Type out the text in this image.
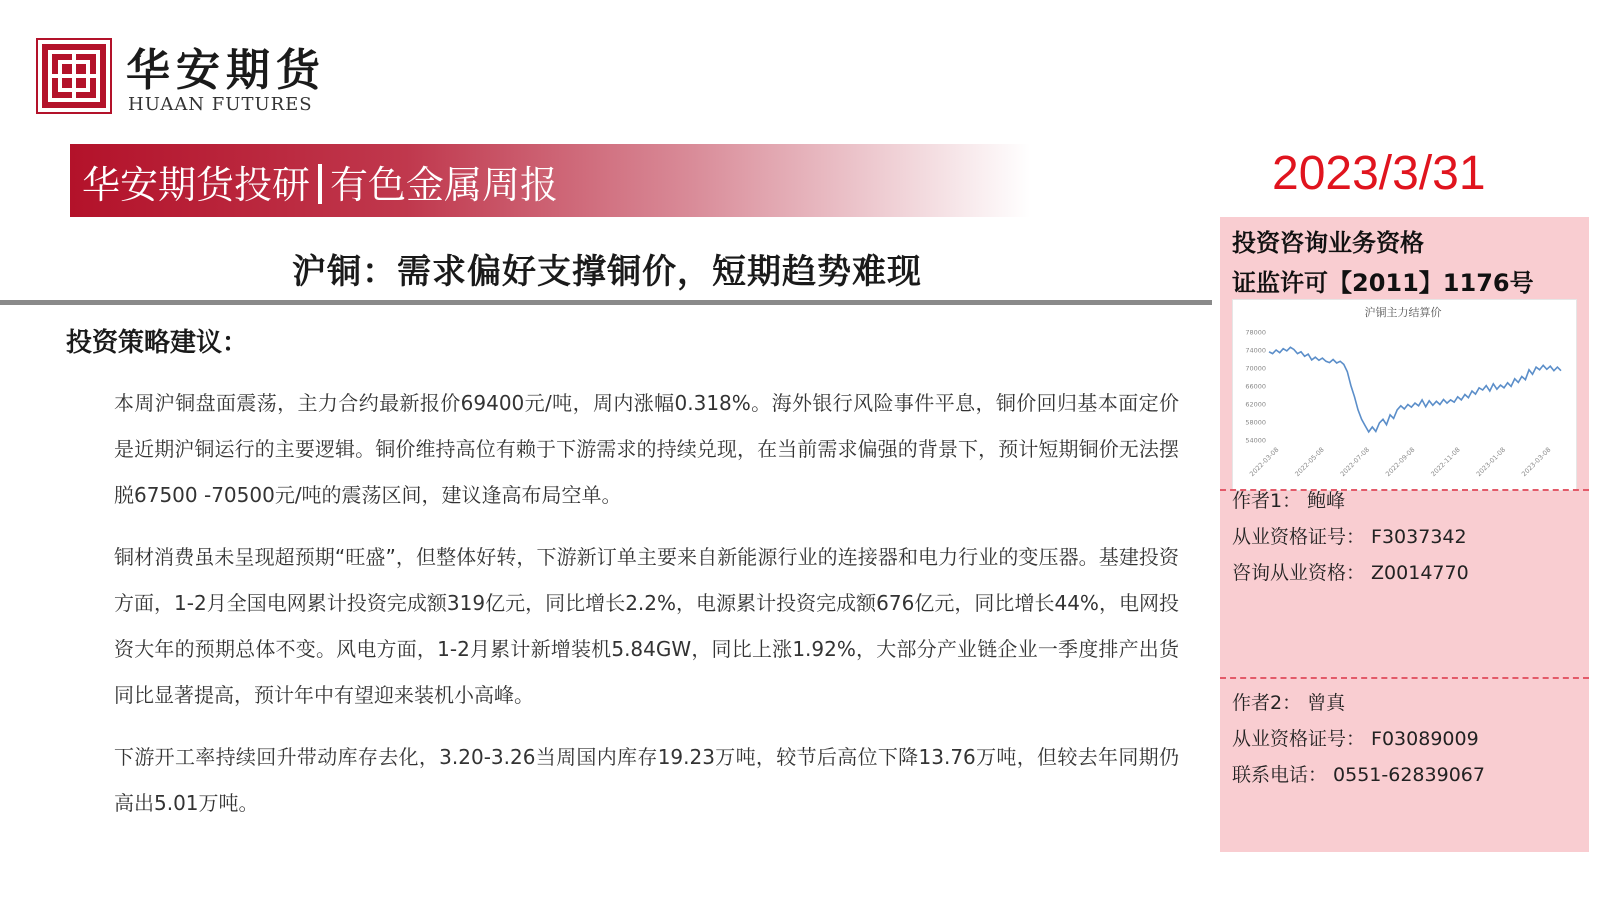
华安期货
HUAAN FUTURES
华安期货投研 有色金属周报	2023/3/31
沪铜：需求偏好支撑铜价，短期趋势难现
投资策略建议：

本周沪铜盘面震荡，主力合约最新报价69400元/吨，周内涨幅0.318%。海外银行风险事件平息，铜价回归基本面定价是近期沪铜运行的主要逻辑。铜价维持高位有赖于下游需求的持续兑现，在当前需求偏强的背景下，预计短期铜价无法摆脱67500 -70500元/吨的震荡区间，建议逢高布局空单。

铜材消费虽未呈现超预期“旺盛”，但整体好转，下游新订单主要来自新能源行业的连接器和电力行业的变压器。基建投资方面，1-2月全国电网累计投资完成额319亿元，同比增长2.2%，电源累计投资完成额676亿元，同比增长44%，电网投资大年的预期总体不变。风电方面，1-2月累计新增装机5.84GW，同比上涨1.92%，大部分产业链企业一季度排产出货同比显著提高，预计年中有望迎来装机小高峰。

下游开工率持续回升带动库存去化，3.20-3.26当周国内库存19.23万吨，较节后高位下降13.76万吨，但较去年同期仍高出5.01万吨。

投资咨询业务资格
证监许可【2011】1176号
沪铜主力结算价
78000
74000
70000
66000
62000
58000
54000
2022-03-08 2022-05-08 2022-07-08 2022-09-08 2022-11-08 2023-01-08 2023-03-08
作者1： 鲍峰
从业资格证号： F3037342
咨询从业资格： Z0014770
作者2： 曾真
从业资格证号： F03089009
联系电话： 0551-62839067
